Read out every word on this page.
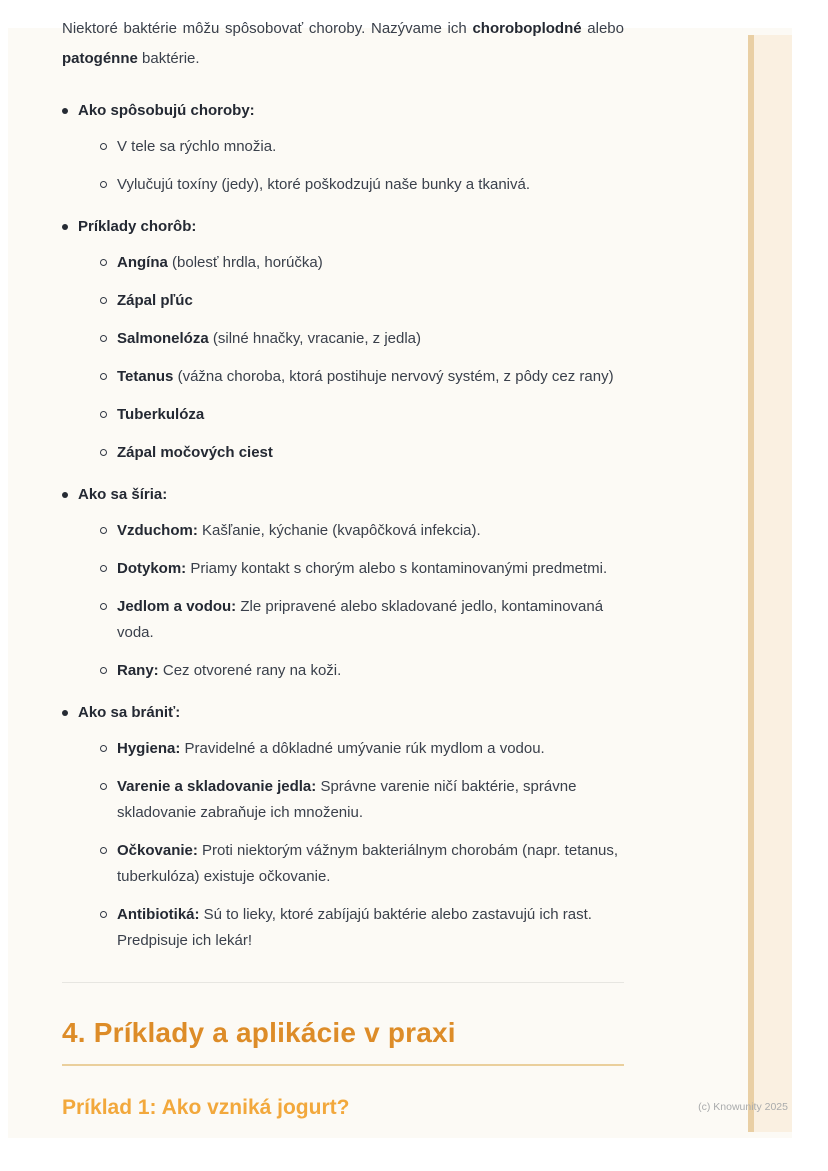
Niektoré baktérie môžu spôsobovať choroby. Nazývame ich choroboplodné alebo patogénne baktérie.

Ako spôsobujú choroby:
V tele sa rýchlo množia.
Vylučujú toxíny (jedy), ktoré poškodzujú naše bunky a tkanivá.
Príklady chorôb:
Angína (bolesť hrdla, horúčka)
Zápal pľúc
Salmonelóza (silné hnačky, vracanie, z jedla)
Tetanus (vážna choroba, ktorá postihuje nervový systém, z pôdy cez rany)
Tuberkulóza
Zápal močových ciest
Ako sa šíria:
Vzduchom: Kašľanie, kýchanie (kvapôčková infekcia).
Dotykom: Priamy kontakt s chorým alebo s kontaminovanými predmetmi.
Jedlom a vodou: Zle pripravené alebo skladované jedlo, kontaminovaná voda.
Rany: Cez otvorené rany na koži.
Ako sa brániť:
Hygiena: Pravidelné a dôkladné umývanie rúk mydlom a vodou.
Varenie a skladovanie jedla: Správne varenie ničí baktérie, správne skladovanie zabraňuje ich množeniu.
Očkovanie: Proti niektorým vážnym bakteriálnym chorobám (napr. tetanus, tuberkulóza) existuje očkovanie.
Antibiotiká: Sú to lieky, ktoré zabíjajú baktérie alebo zastavujú ich rast. Predpisuje ich lekár!
4. Príklady a aplikácie v praxi
Príklad 1: Ako vzniká jogurt?	(c) Knowunity 2025
